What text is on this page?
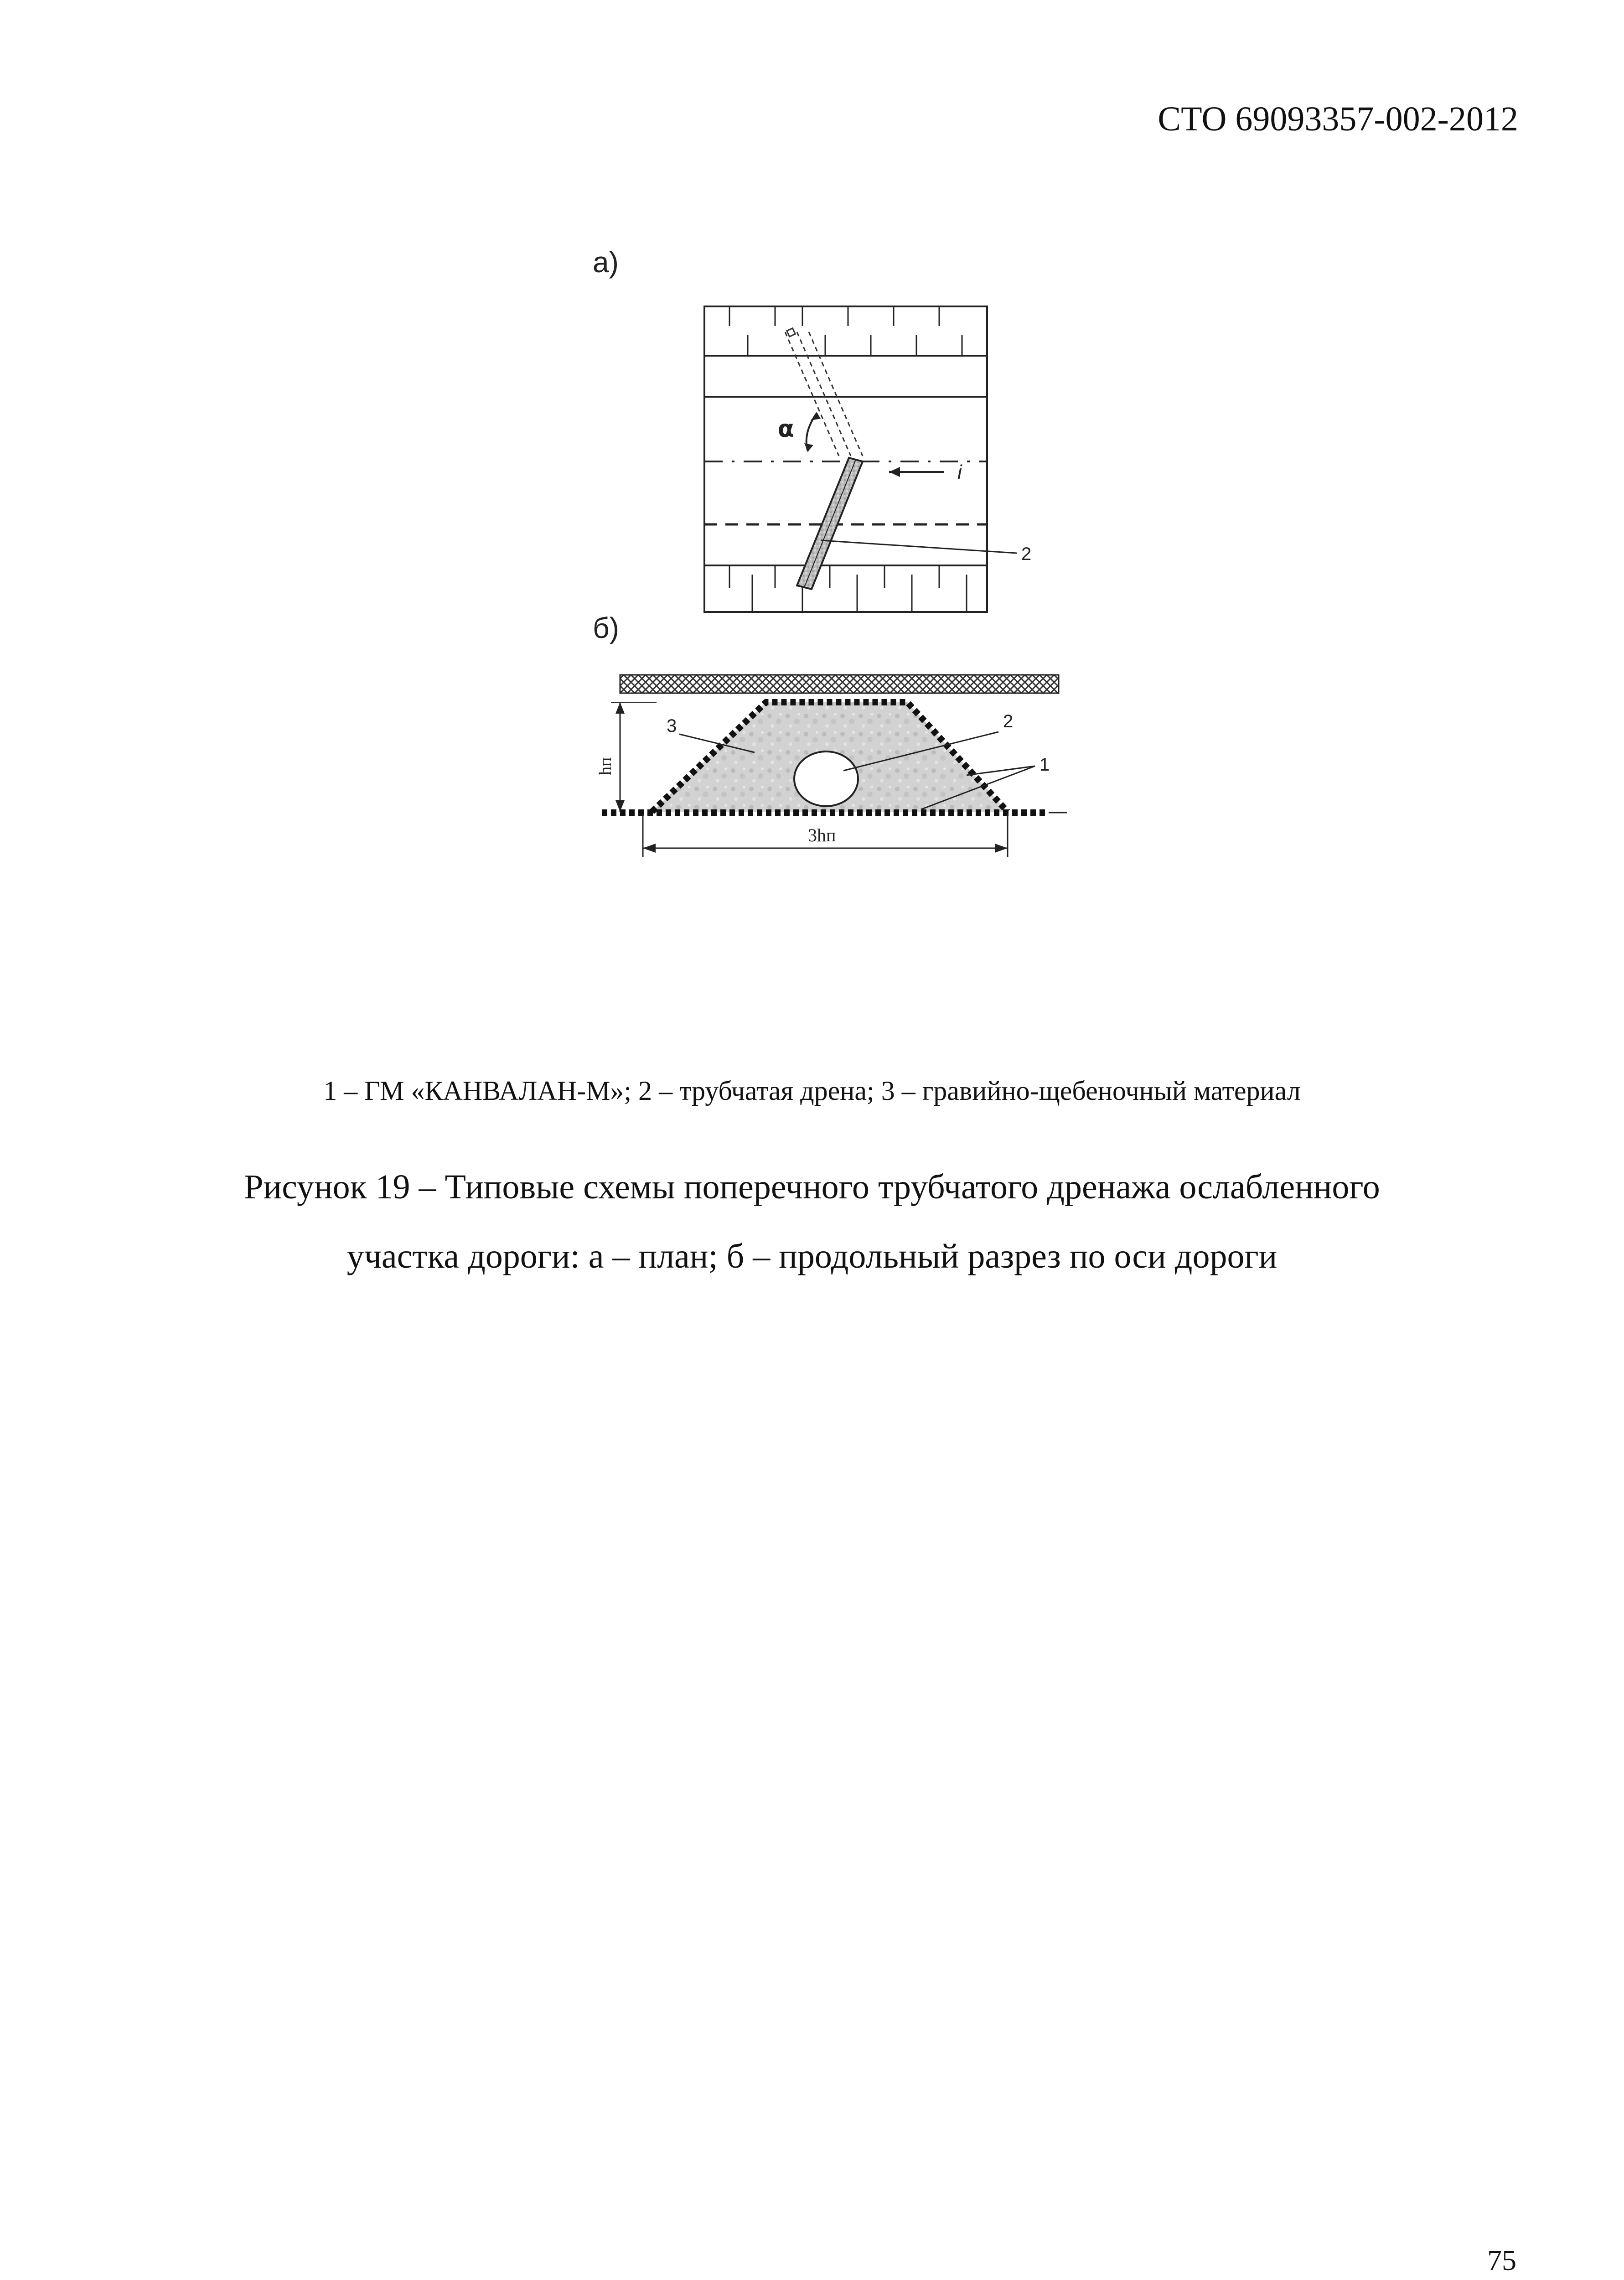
СТО 69093357-002-2012
а)
б)
α
i
2
3	2
1
hп
3hп
1 – ГМ «КАНВАЛАН-М»; 2 – трубчатая дрена; 3 – гравийно-щебеночный материал
Рисунок 19 – Типовые схемы поперечного трубчатого дренажа ослабленного
участка дороги: а – план; б – продольный разрез по оси дороги
75
